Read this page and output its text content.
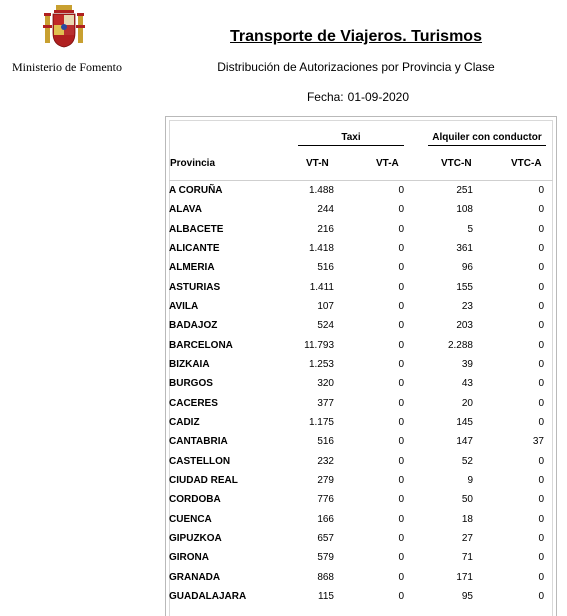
Ministerio de Fomento
Transporte de Viajeros. Turismos
Distribución de Autorizaciones por Provincia y Clase
Fecha: 01-09-2020
Taxi	Alquiler con conductor
Provincia	VT-N	VT-A	VTC-N	VTC-A
A CORUÑA	1.488	0	251	0
ALAVA	244	0	108	0
ALBACETE	216	0	5	0
ALICANTE	1.418	0	361	0
ALMERIA	516	0	96	0
ASTURIAS	1.411	0	155	0
AVILA	107	0	23	0
BADAJOZ	524	0	203	0
BARCELONA	11.793	0	2.288	0
BIZKAIA	1.253	0	39	0
BURGOS	320	0	43	0
CACERES	377	0	20	0
CADIZ	1.175	0	145	0
CANTABRIA	516	0	147	37
CASTELLON	232	0	52	0
CIUDAD REAL	279	0	9	0
CORDOBA	776	0	50	0
CUENCA	166	0	18	0
GIPUZKOA	657	0	27	0
GIRONA	579	0	71	0
GRANADA	868	0	171	0
GUADALAJARA	115	0	95	0
